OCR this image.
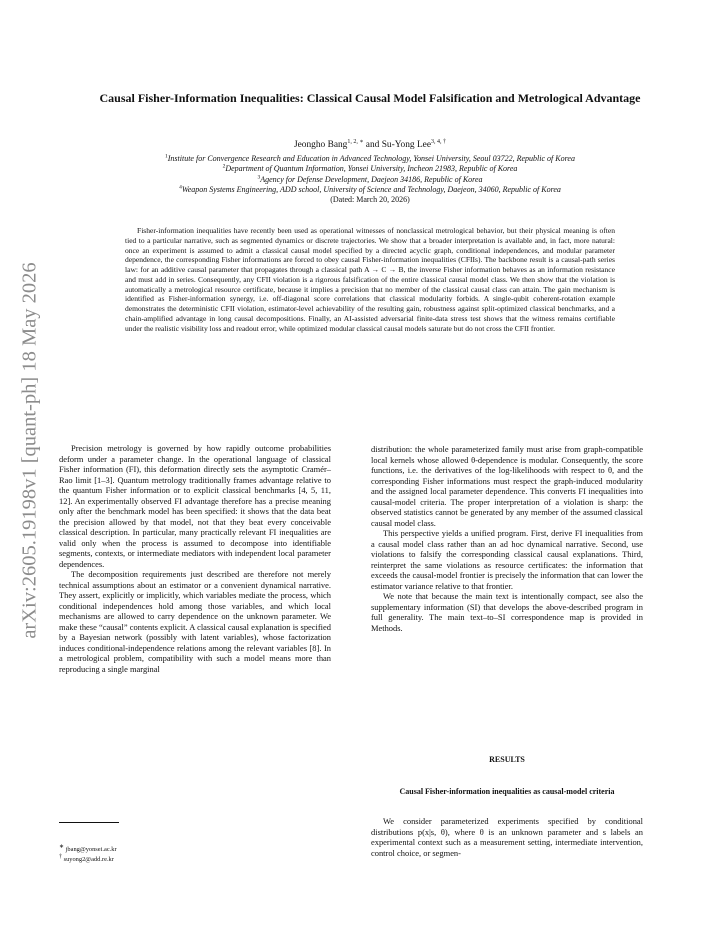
arXiv:2605.19198v1 [quant-ph] 18 May 2026
Causal Fisher-Information Inequalities: Classical Causal Model Falsification and Metrological Advantage
Jeongho Bang$^{1, 2, ∗}$ and Su-Yong Lee$^{3, 4, \dagger}$
$^1$Institute for Convergence Research and Education in Advanced Technology, Yonsei University, Seoul 03722, Republic of Korea
$^2$Department of Quantum Information, Yonsei University, Incheon 21983, Republic of Korea
$^3$Agency for Defense Development, Daejeon 34186, Republic of Korea
$^4$Weapon Systems Engineering, ADD school, University of Science and Technology, Daejeon, 34060, Republic of Korea
(Dated: March 20, 2026)
Fisher-information inequalities have recently been used as operational witnesses of nonclassical metrological behavior, but their physical meaning is often tied to a particular narrative, such as segmented dynamics or discrete trajectories. We show that a broader interpretation is available and, in fact, more natural: once an experiment is assumed to admit a classical causal model specified by a directed acyclic graph, conditional independences, and modular parameter dependence, the corresponding Fisher informations are forced to obey causal Fisher-information inequalities (CFIIs). The backbone result is a causal-path series law: for an additive causal parameter that propagates through a classical path A → C → B, the inverse Fisher information behaves as an information resistance and must add in series. Consequently, any CFII violation is a rigorous falsification of the entire classical causal model class. We then show that the violation is automatically a metrological resource certificate, because it implies a precision that no member of the classical causal class can attain. The gain mechanism is identified as Fisher-information synergy, i.e. off-diagonal score correlations that classical modularity forbids. A single-qubit coherent-rotation example demonstrates the deterministic CFII violation, estimator-level achievability of the resulting gain, robustness against split-optimized classical benchmarks, and a chain-amplified advantage in long causal decompositions. Finally, an AI-assisted adversarial finite-data stress test shows that the witness remains certifiable under the realistic visibility loss and readout error, while optimized modular classical causal models saturate but do not cross the CFII frontier.

Precision metrology is governed by how rapidly outcome probabilities deform under a parameter change. In the operational language of classical Fisher information (FI), this deformation directly sets the asymptotic Cramér–Rao limit [1–3]. Quantum metrology traditionally frames advantage relative to the quantum Fisher information or to explicit classical benchmarks [4, 5, 11, 12]. An experimentally observed FI advantage therefore has a precise meaning only after the benchmark model has been specified: it shows that the data beat the precision allowed by that model, not that they beat every conceivable classical description. In particular, many practically relevant FI inequalities are valid only when the process is assumed to decompose into identifiable segments, contexts, or intermediate mediators with independent local parameter dependences.

The decomposition requirements just described are therefore not merely technical assumptions about an estimator or a convenient dynamical narrative. They assert, explicitly or implicitly, which variables mediate the process, which conditional independences hold among those variables, and which local mechanisms are allowed to carry dependence on the unknown parameter. We make these “causal” contents explicit. A classical causal explanation is specified by a Bayesian network (possibly with latent variables), whose factorization induces conditional-independence relations among the relevant variables [8]. In a metrological problem, compatibility with such a model means more than reproducing a single marginal

distribution: the whole parameterized family must arise from graph-compatible local kernels whose allowed θ-dependence is modular. Consequently, the score functions, i.e. the derivatives of the log-likelihoods with respect to θ, and the corresponding Fisher informations must respect the graph-induced modularity and the assigned local parameter dependence. This converts FI inequalities into causal-model criteria. The proper interpretation of a violation is sharp: the observed statistics cannot be generated by any member of the assumed classical causal model class.

This perspective yields a unified program. First, derive FI inequalities from a causal model class rather than an ad hoc dynamical narrative. Second, use violations to falsify the corresponding classical causal explanations. Third, reinterpret the same violations as resource certificates: the information that exceeds the causal-model frontier is precisely the information that can lower the estimator variance relative to that frontier.

We note that because the main text is intentionally compact, see also the supplementary information (SI) that develops the above-described program in full generality. The main text–to–SI correspondence map is provided in Methods.

RESULTS
Causal Fisher-information inequalities as causal-model criteria

We consider parameterized experiments specified by conditional distributions p(x|s, θ), where θ is an unknown parameter and s labels an experimental context such as a measurement setting, intermediate intervention, control choice, or segmen-

∗ jbang@yonsei.ac.kr
† suyong2@add.re.kr
